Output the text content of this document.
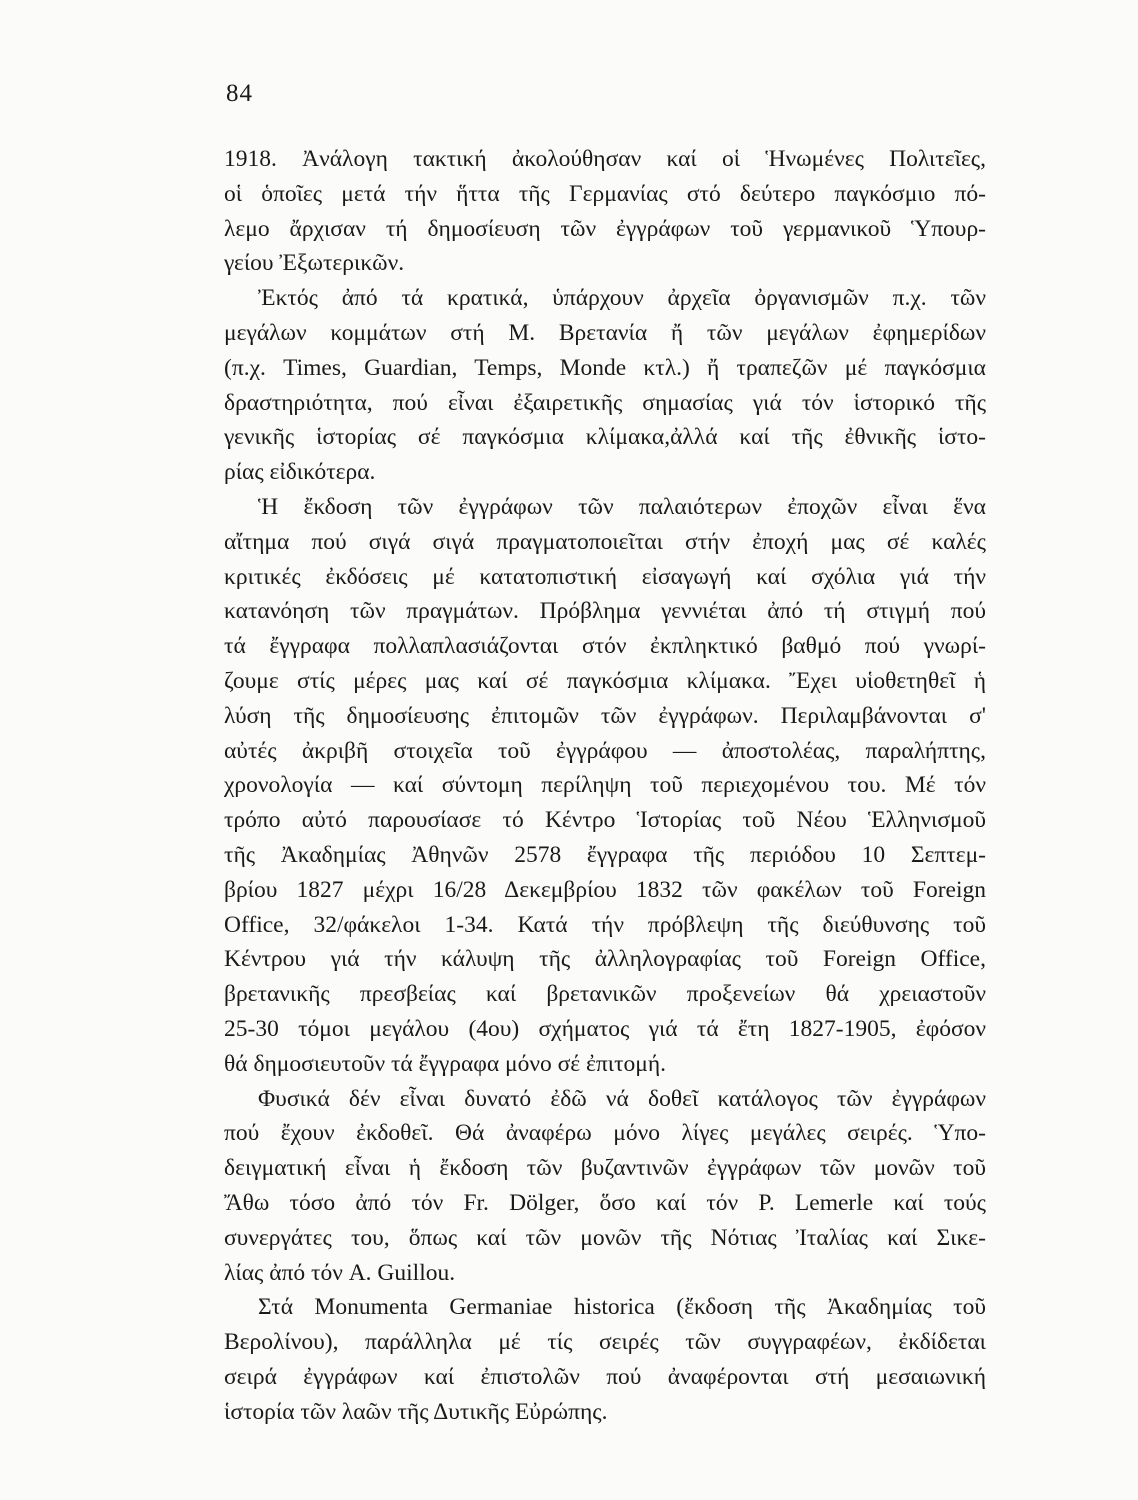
84
1918. Ἀνάλογη τακτική ἀκολούθησαν καί οἱ Ἡνωμένες Πολιτεῖες,
οἱ ὁποῖες μετά τήν ἥττα τῆς Γερμανίας στό δεύτερο παγκόσμιο πό-
λεμο ἄρχισαν τή δημοσίευση τῶν ἐγγράφων τοῦ γερμανικοῦ Ὑπουρ-
γείου Ἐξωτερικῶν.
Ἐκτός ἀπό τά κρατικά, ὑπάρχουν ἀρχεῖα ὀργανισμῶν π.χ. τῶν
μεγάλων κομμάτων στή Μ. Βρετανία ἤ τῶν μεγάλων ἐφημερίδων
(π.χ. Times, Guardian, Temps, Monde κτλ.) ἤ τραπεζῶν μέ παγκόσμια
δραστηριότητα, πού εἶναι ἐξαιρετικῆς σημασίας γιά τόν ἱστορικό τῆς
γενικῆς ἱστορίας σέ παγκόσμια κλίμακα,ἀλλά καί τῆς ἐθνικῆς ἱστο-
ρίας εἰδικότερα.
Ἡ ἔκδοση τῶν ἐγγράφων τῶν παλαιότερων ἐποχῶν εἶναι ἕνα
αἴτημα πού σιγά σιγά πραγματοποιεῖται στήν ἐποχή μας σέ καλές
κριτικές ἐκδόσεις μέ κατατοπιστική εἰσαγωγή καί σχόλια γιά τήν
κατανόηση τῶν πραγμάτων. Πρόβλημα γεννιέται ἀπό τή στιγμή πού
τά ἔγγραφα πολλαπλασιάζονται στόν ἐκπληκτικό βαθμό πού γνωρί-
ζουμε στίς μέρες μας καί σέ παγκόσμια κλίμακα. Ἔχει υἱοθετηθεῖ ἡ
λύση τῆς δημοσίευσης ἐπιτομῶν τῶν ἐγγράφων. Περιλαμβάνονται σ'
αὐτές ἀκριβῆ στοιχεῖα τοῦ ἐγγράφου — ἀποστολέας, παραλήπτης,
χρονολογία — καί σύντομη περίληψη τοῦ περιεχομένου του. Μέ τόν
τρόπο αὐτό παρουσίασε τό Κέντρο Ἱστορίας τοῦ Νέου Ἑλληνισμοῦ
τῆς Ἀκαδημίας Ἀθηνῶν 2578 ἔγγραφα τῆς περιόδου 10 Σεπτεμ-
βρίου 1827 μέχρι 16/28 Δεκεμβρίου 1832 τῶν φακέλων τοῦ Foreign
Office, 32/φάκελοι 1-34. Κατά τήν πρόβλεψη τῆς διεύθυνσης τοῦ
Κέντρου γιά τήν κάλυψη τῆς ἀλληλογραφίας τοῦ Foreign Office,
βρετανικῆς πρεσβείας καί βρετανικῶν προξενείων θά χρειαστοῦν
25-30 τόμοι μεγάλου (4ου) σχήματος γιά τά ἔτη 1827-1905, ἐφόσον
θά δημοσιευτοῦν τά ἔγγραφα μόνο σέ ἐπιτομή.
Φυσικά δέν εἶναι δυνατό ἐδῶ νά δοθεῖ κατάλογος τῶν ἐγγράφων
πού ἔχουν ἐκδοθεῖ. Θά ἀναφέρω μόνο λίγες μεγάλες σειρές. Ὑπο-
δειγματική εἶναι ἡ ἔκδοση τῶν βυζαντινῶν ἐγγράφων τῶν μονῶν τοῦ
Ἄθω τόσο ἀπό τόν Fr. Dölger, ὅσο καί τόν P. Lemerle καί τούς
συνεργάτες του, ὅπως καί τῶν μονῶν τῆς Νότιας Ἰταλίας καί Σικε-
λίας ἀπό τόν A. Guillou.
Στά Monumenta Germaniae historica (ἔκδοση τῆς Ἀκαδημίας τοῦ
Βερολίνου), παράλληλα μέ τίς σειρές τῶν συγγραφέων, ἐκδίδεται
σειρά ἐγγράφων καί ἐπιστολῶν πού ἀναφέρονται στή μεσαιωνική
ἱστορία τῶν λαῶν τῆς Δυτικῆς Εὐρώπης.
